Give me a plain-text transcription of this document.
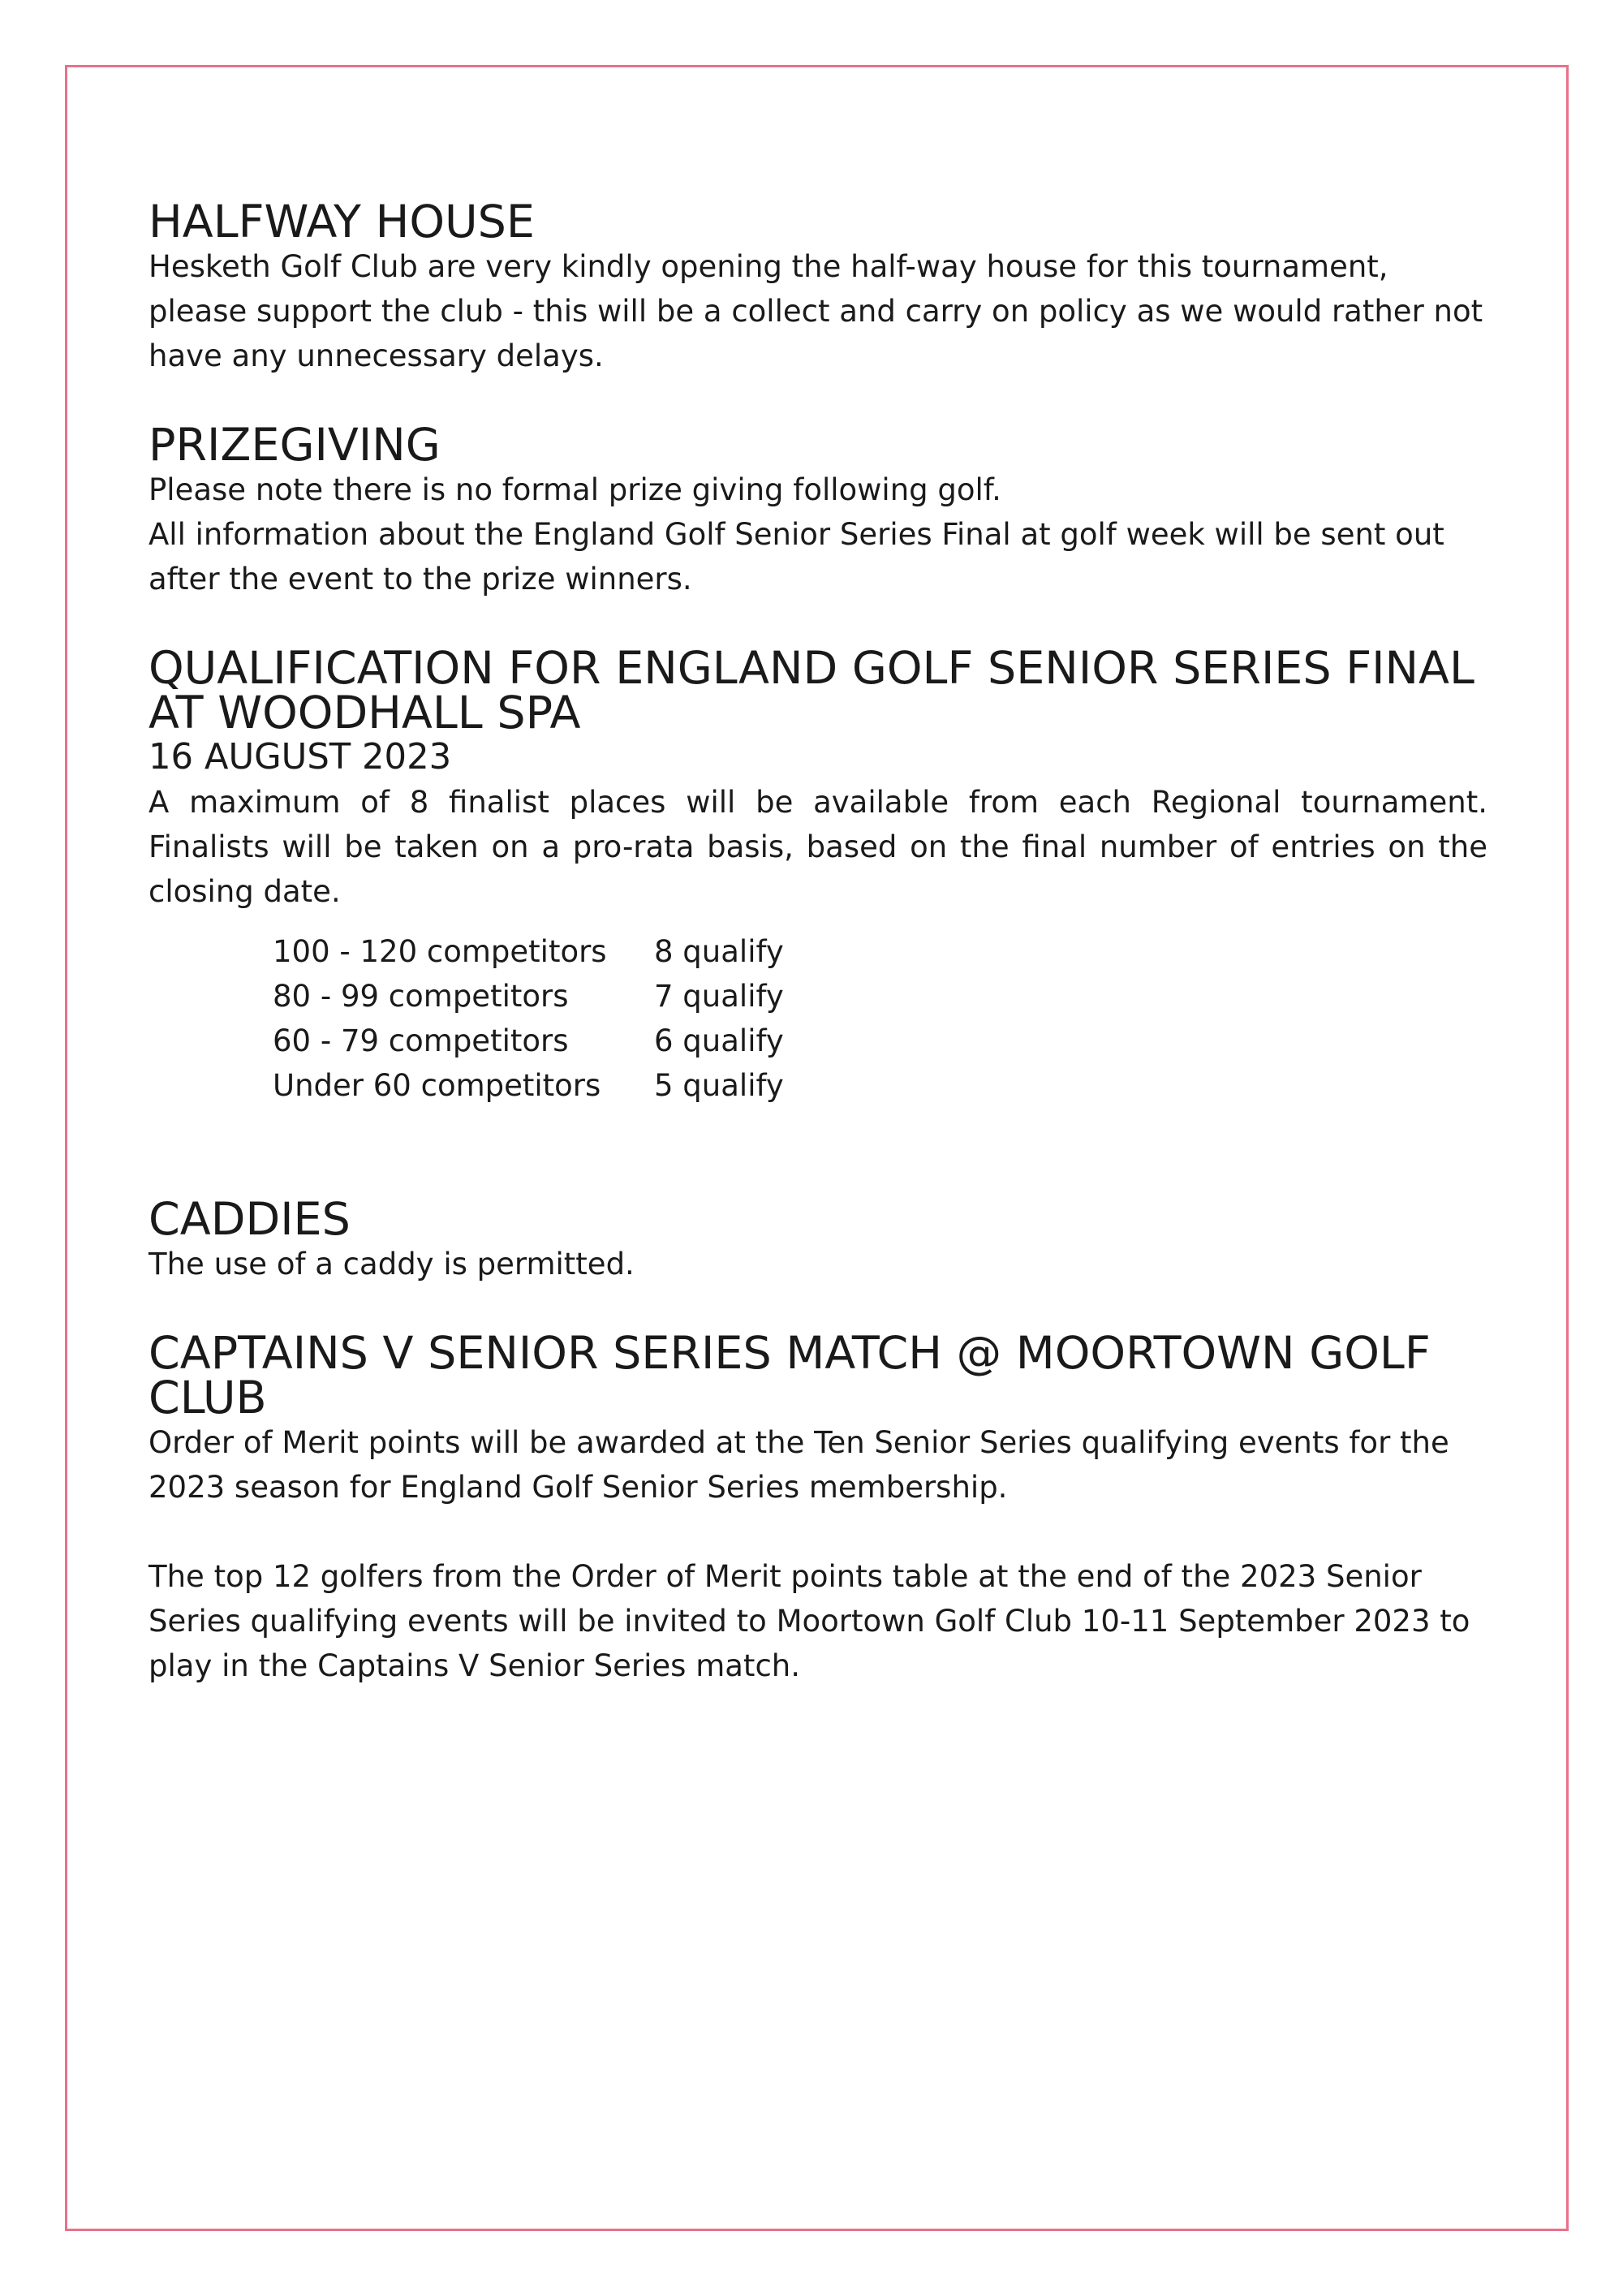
HALFWAY HOUSE

Hesketh Golf Club are very kindly opening the half-way house for this tournament, please support the club - this will be a collect and carry on policy as we would rather not have any unnecessary delays.

PRIZEGIVING

Please note there is no formal prize giving following golf.

All information about the England Golf Senior Series Final at golf week will be sent out after the event to the prize winners.

QUALIFICATION FOR ENGLAND GOLF SENIOR SERIES FINAL AT WOODHALL SPA
16 AUGUST 2023

A maximum of 8 finalist places will be available from each Regional tournament. Finalists will be taken on a pro-rata basis, based on the final number of entries on the closing date.

100 - 120 competitors	8 qualify
80 - 99 competitors	7 qualify
60 - 79 competitors	6 qualify
Under 60 competitors	5 qualify
CADDIES

The use of a caddy is permitted.

CAPTAINS V SENIOR SERIES MATCH @ MOORTOWN GOLF CLUB

Order of Merit points will be awarded at the Ten Senior Series qualifying events for the 2023 season for England Golf Senior Series membership.

The top 12 golfers from the Order of Merit points table at the end of the 2023 Senior Series qualifying events will be invited to Moortown Golf Club 10-11 September 2023 to play in the Captains V Senior Series match.
